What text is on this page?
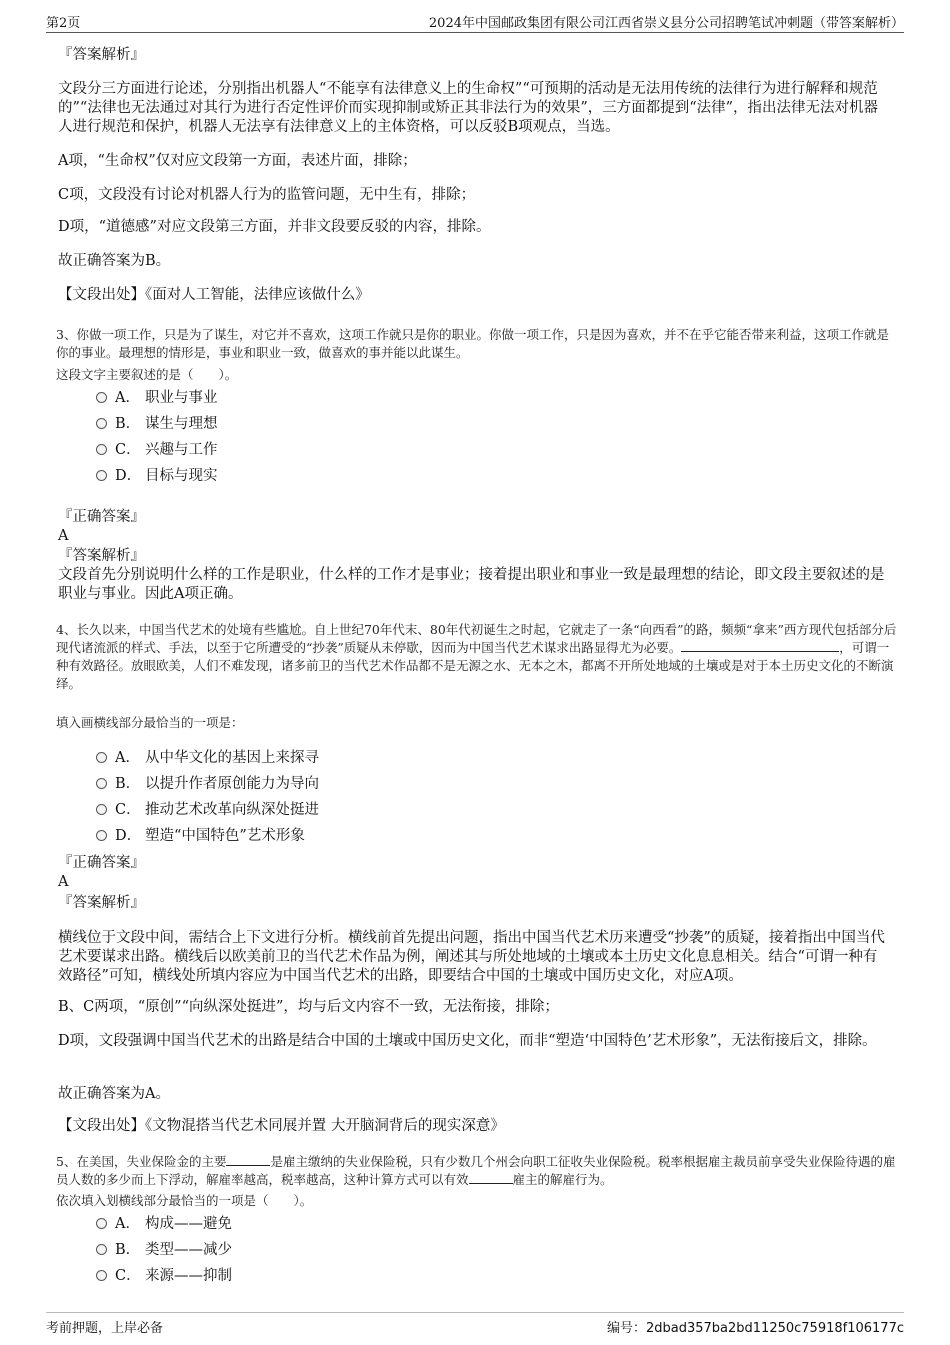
第2页	2024年中国邮政集团有限公司江西省崇义县分公司招聘笔试冲刺题（带答案解析）
『答案解析』
文段分三方面进行论述，分别指出机器人“不能享有法律意义上的生命权”“可预期的活动是无法用传统的法律行为进行解释和规范的”“法律也无法通过对其行为进行否定性评价而实现抑制或矫正其非法行为的效果”，三方面都提到“法律”，指出法律无法对机器人进行规范和保护，机器人无法享有法律意义上的主体资格，可以反驳B项观点，当选。
A项，“生命权”仅对应文段第一方面，表述片面，排除；
C项，文段没有讨论对机器人行为的监管问题，无中生有，排除；
D项，“道德感”对应文段第三方面，并非文段要反驳的内容，排除。
故正确答案为B。
【文段出处】《面对人工智能，法律应该做什么》
3、你做一项工作，只是为了谋生，对它并不喜欢，这项工作就只是你的职业。你做一项工作，只是因为喜欢，并不在乎它能否带来利益，这项工作就是你的事业。最理想的情形是，事业和职业一致，做喜欢的事并能以此谋生。
这段文字主要叙述的是（　　）。
A． 职业与事业
B． 谋生与理想
C． 兴趣与工作
D． 目标与现实
『正确答案』
A
『答案解析』
文段首先分别说明什么样的工作是职业，什么样的工作才是事业；接着提出职业和事业一致是最理想的结论，即文段主要叙述的是职业与事业。因此A项正确。
4、长久以来，中国当代艺术的处境有些尴尬。自上世纪70年代末、80年代初诞生之时起，它就走了一条“向西看”的路，频频“拿来”西方现代包括部分后现代诸流派的样式、手法，以至于它所遭受的“抄袭”质疑从未停歇，因而为中国当代艺术谋求出路显得尤为必要。	，可谓一种有效路径。放眼欧美，人们不难发现，诸多前卫的当代艺术作品都不是无源之水、无本之木，都离不开所处地域的土壤或是对于本土历史文化的不断演绎。
填入画横线部分最恰当的一项是：
A． 从中华文化的基因上来探寻
B． 以提升作者原创能力为导向
C． 推动艺术改革向纵深处挺进
D． 塑造“中国特色”艺术形象
『正确答案』
A
『答案解析』
横线位于文段中间，需结合上下文进行分析。横线前首先提出问题，指出中国当代艺术历来遭受“抄袭”的质疑，接着指出中国当代艺术要谋求出路。横线后以欧美前卫的当代艺术作品为例，阐述其与所处地域的土壤或本土历史文化息息相关。结合“可谓一种有效路径”可知，横线处所填内容应为中国当代艺术的出路，即要结合中国的土壤或中国历史文化，对应A项。
B、C两项，“原创”“向纵深处挺进”，均与后文内容不一致，无法衔接，排除；
D项，文段强调中国当代艺术的出路是结合中国的土壤或中国历史文化，而非“塑造‘中国特色’艺术形象”，无法衔接后文，排除。
故正确答案为A。
【文段出处】《文物混搭当代艺术同展并置 大开脑洞背后的现实深意》
5、在美国，失业保险金的主要	是雇主缴纳的失业保险税，只有少数几个州会向职工征收失业保险税。税率根据雇主裁员前享受失业保险待遇的雇员人数的多少而上下浮动，解雇率越高，税率越高，这种计算方式可以有效	雇主的解雇行为。
依次填入划横线部分最恰当的一项是（　　）。
A． 构成——避免
B． 类型——减少
C． 来源——抑制
考前押题，上岸必备	编号：2dbad357ba2bd11250c75918f106177c
